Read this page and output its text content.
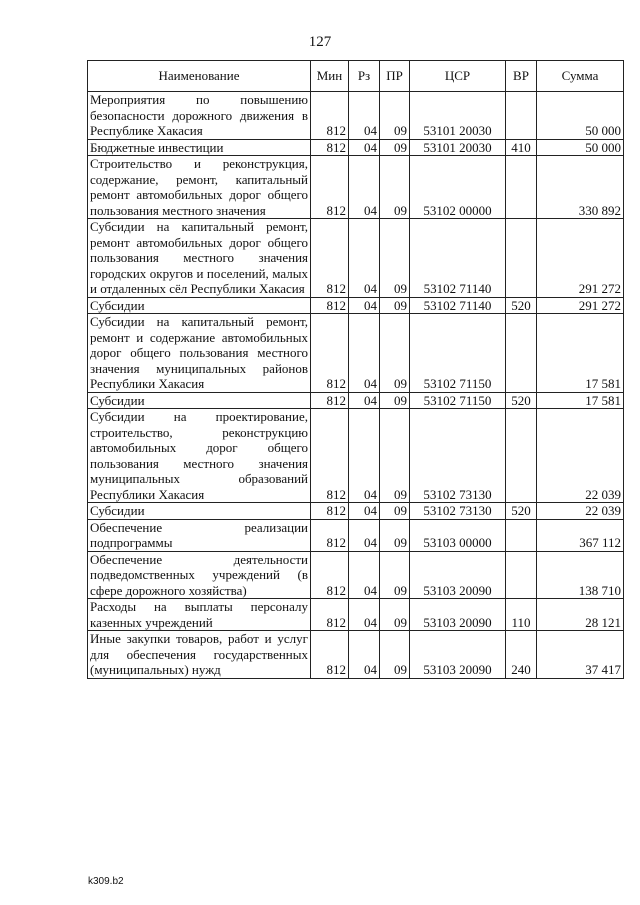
127
Наименование	Мин	Рз	ПР	ЦСР	ВР	Сумма
Мероприятия по повышению безопасности дорожного движения в Республике Хакасия	812	04	09	53101 20030		50 000
Бюджетные инвестиции	812	04	09	53101 20030	410	50 000
Строительство и реконструкция, содержание, ремонт, капитальный ремонт автомобильных дорог общего пользования местного значения	812	04	09	53102 00000		330 892
Субсидии на капитальный ремонт, ремонт автомобильных дорог общего пользования местного значения городских округов и поселений, малых и отдаленных сёл Республики Хакасия	812	04	09	53102 71140		291 272
Субсидии	812	04	09	53102 71140	520	291 272
Субсидии на капитальный ремонт, ремонт и содержание автомобильных дорог общего пользования местного значения муниципальных районов Республики Хакасия	812	04	09	53102 71150		17 581
Субсидии	812	04	09	53102 71150	520	17 581
Субсидии на проектирование, строительство, реконструкцию автомобильных дорог общего пользования местного значения муниципальных образований Республики Хакасия	812	04	09	53102 73130		22 039
Субсидии	812	04	09	53102 73130	520	22 039
Обеспечение реализации подпрограммы	812	04	09	53103 00000		367 112
Обеспечение деятельности подведомственных учреждений (в сфере дорожного хозяйства)	812	04	09	53103 20090		138 710
Расходы на выплаты персоналу казенных учреждений	812	04	09	53103 20090	110	28 121
Иные закупки товаров, работ и услуг для обеспечения государственных (муниципальных) нужд	812	04	09	53103 20090	240	37 417
k309.b2
